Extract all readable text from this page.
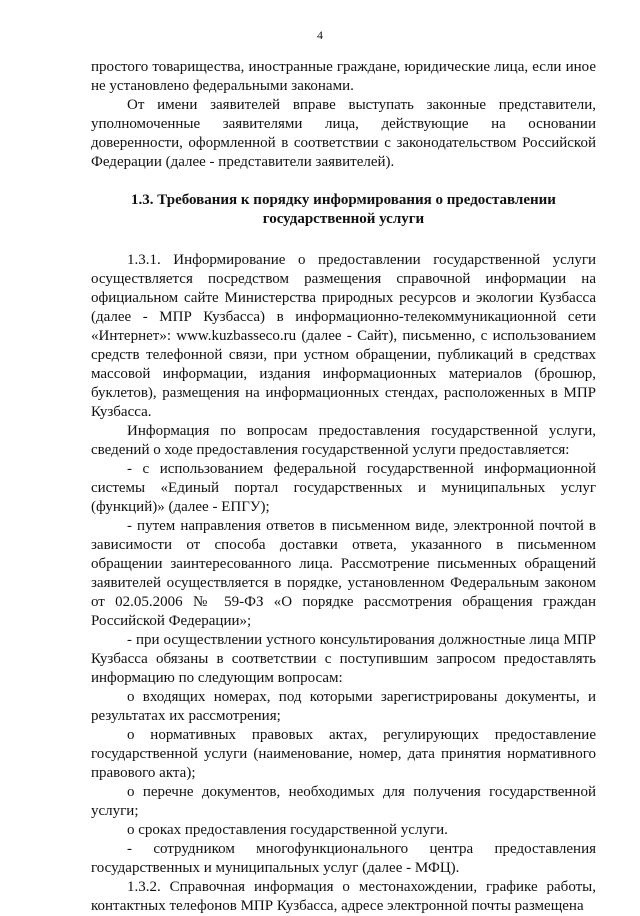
4

простого товарищества, иностранные граждане, юридические лица, если иное не установлено федеральными законами.

От имени заявителей вправе выступать законные представители, уполномоченные заявителями лица, действующие на основании доверенности, оформленной в соответствии с законодательством Российской Федерации (далее - представители заявителей).

1.3. Требования к порядку информирования о предоставлении государственной услуги

1.3.1. Информирование о предоставлении государственной услуги осуществляется посредством размещения справочной информации на официальном сайте Министерства природных ресурсов и экологии Кузбасса (далее - МПР Кузбасса) в информационно-телекоммуникационной сети «Интернет»: www.kuzbasseco.ru (далее - Сайт), письменно, с использованием средств телефонной связи, при устном обращении, публикаций в средствах массовой информации, издания информационных материалов (брошюр, буклетов), размещения на информационных стендах, расположенных в МПР Кузбасса.

Информация по вопросам предоставления государственной услуги, сведений о ходе предоставления государственной услуги предоставляется:

- с использованием федеральной государственной информационной системы «Единый портал государственных и муниципальных услуг (функций)» (далее - ЕПГУ);

- путем направления ответов в письменном виде, электронной почтой в зависимости от способа доставки ответа, указанного в письменном обращении заинтересованного лица. Рассмотрение письменных обращений заявителей осуществляется в порядке, установленном Федеральным законом от 02.05.2006 № 59-ФЗ «О порядке рассмотрения обращения граждан Российской Федерации»;

- при осуществлении устного консультирования должностные лица МПР Кузбасса обязаны в соответствии с поступившим запросом предоставлять информацию по следующим вопросам:

о входящих номерах, под которыми зарегистрированы документы, и результатах их рассмотрения;

о нормативных правовых актах, регулирующих предоставление государственной услуги (наименование, номер, дата принятия нормативного правового акта);

о перечне документов, необходимых для получения государственной услуги;

о сроках предоставления государственной услуги.

- сотрудником многофункционального центра предоставления государственных и муниципальных услуг (далее - МФЦ).

1.3.2. Справочная информация о местонахождении, графике работы, контактных телефонов МПР Кузбасса, адресе электронной почты размещена
